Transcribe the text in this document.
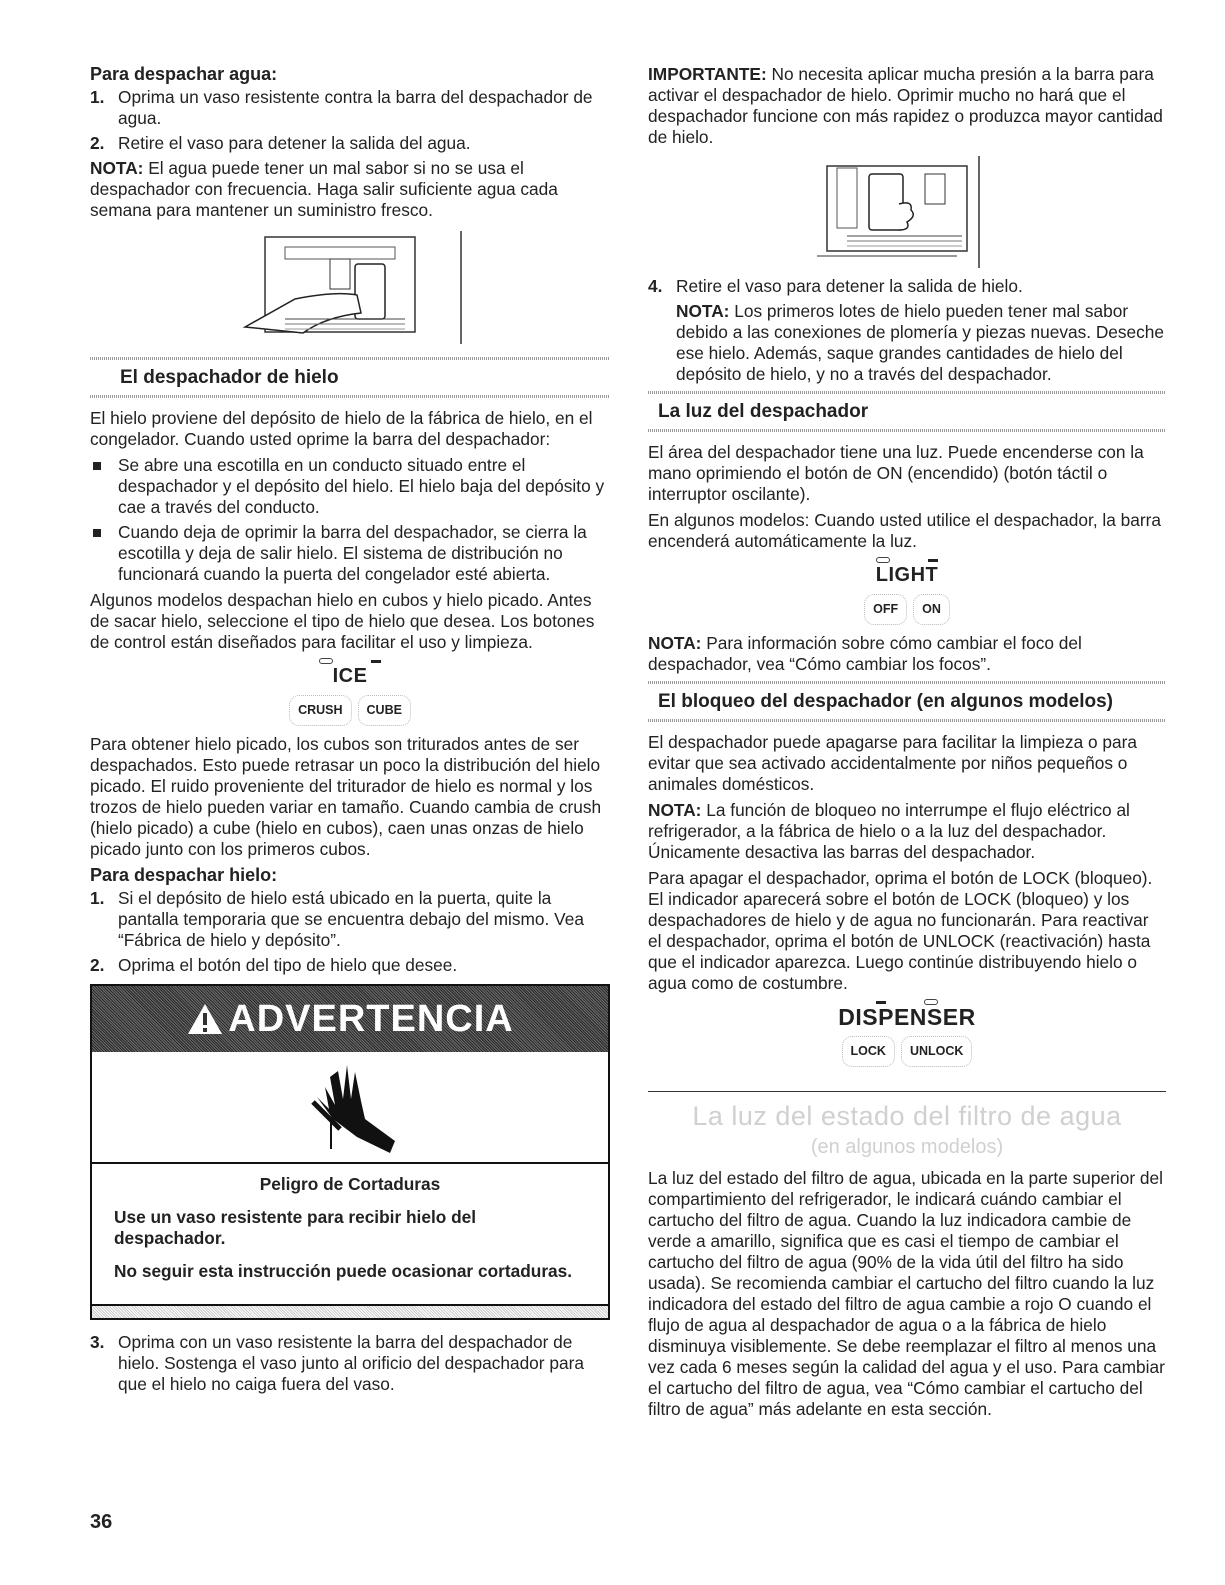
Para despachar agua:
1. Oprima un vaso resistente contra la barra del despachador de agua.
2. Retire el vaso para detener la salida del agua.

NOTA: El agua puede tener un mal sabor si no se usa el despachador con frecuencia. Haga salir suficiente agua cada semana para mantener un suministro fresco.

El despachador de hielo

El hielo proviene del depósito de hielo de la fábrica de hielo, en el congelador. Cuando usted oprime la barra del despachador:

Se abre una escotilla en un conducto situado entre el despachador y el depósito del hielo. El hielo baja del depósito y cae a través del conducto.
Cuando deja de oprimir la barra del despachador, se cierra la escotilla y deja de salir hielo. El sistema de distribución no funcionará cuando la puerta del congelador esté abierta.

Algunos modelos despachan hielo en cubos y hielo picado. Antes de sacar hielo, seleccione el tipo de hielo que desea. Los botones de control están diseñados para facilitar el uso y limpieza.

ICE
CRUSH	CUBE

Para obtener hielo picado, los cubos son triturados antes de ser despachados. Esto puede retrasar un poco la distribución del hielo picado. El ruido proveniente del triturador de hielo es normal y los trozos de hielo pueden variar en tamaño. Cuando cambia de crush (hielo picado) a cube (hielo en cubos), caen unas onzas de hielo picado junto con los primeros cubos.

Para despachar hielo:
1. Si el depósito de hielo está ubicado en la puerta, quite la pantalla temporaria que se encuentra debajo del mismo. Vea “Fábrica de hielo y depósito”.
2. Oprima el botón del tipo de hielo que desee.
ADVERTENCIA
Peligro de Cortaduras

Use un vaso resistente para recibir hielo del despachador.

No seguir esta instrucción puede ocasionar cortaduras.

3. Oprima con un vaso resistente la barra del despachador de hielo. Sostenga el vaso junto al orificio del despachador para que el hielo no caiga fuera del vaso.

IMPORTANTE: No necesita aplicar mucha presión a la barra para activar el despachador de hielo. Oprimir mucho no hará que el despachador funcione con más rapidez o produzca mayor cantidad de hielo.

4. Retire el vaso para detener la salida de hielo.

NOTA: Los primeros lotes de hielo pueden tener mal sabor debido a las conexiones de plomería y piezas nuevas. Deseche ese hielo. Además, saque grandes cantidades de hielo del depósito de hielo, y no a través del despachador.

La luz del despachador

El área del despachador tiene una luz. Puede encenderse con la mano oprimiendo el botón de ON (encendido) (botón táctil o interruptor oscilante).

En algunos modelos: Cuando usted utilice el despachador, la barra encenderá automáticamente la luz.

LIGHT
OFF	ON

NOTA: Para información sobre cómo cambiar el foco del despachador, vea “Cómo cambiar los focos”.

El bloqueo del despachador (en algunos modelos)

El despachador puede apagarse para facilitar la limpieza o para evitar que sea activado accidentalmente por niños pequeños o animales domésticos.

NOTA: La función de bloqueo no interrumpe el flujo eléctrico al refrigerador, a la fábrica de hielo o a la luz del despachador. Únicamente desactiva las barras del despachador.

Para apagar el despachador, oprima el botón de LOCK (bloqueo). El indicador aparecerá sobre el botón de LOCK (bloqueo) y los despachadores de hielo y de agua no funcionarán. Para reactivar el despachador, oprima el botón de UNLOCK (reactivación) hasta que el indicador aparezca. Luego continúe distribuyendo hielo o agua como de costumbre.

DISPENSER
LOCK	UNLOCK
La luz del estado del filtro de agua
(en algunos modelos)

La luz del estado del filtro de agua, ubicada en la parte superior del compartimiento del refrigerador, le indicará cuándo cambiar el cartucho del filtro de agua. Cuando la luz indicadora cambie de verde a amarillo, significa que es casi el tiempo de cambiar el cartucho del filtro de agua (90% de la vida útil del filtro ha sido usada). Se recomienda cambiar el cartucho del filtro cuando la luz indicadora del estado del filtro de agua cambie a rojo O cuando el flujo de agua al despachador de agua o a la fábrica de hielo disminuya visiblemente. Se debe reemplazar el filtro al menos una vez cada 6 meses según la calidad del agua y el uso. Para cambiar el cartucho del filtro de agua, vea “Cómo cambiar el cartucho del filtro de agua” más adelante en esta sección.

36
